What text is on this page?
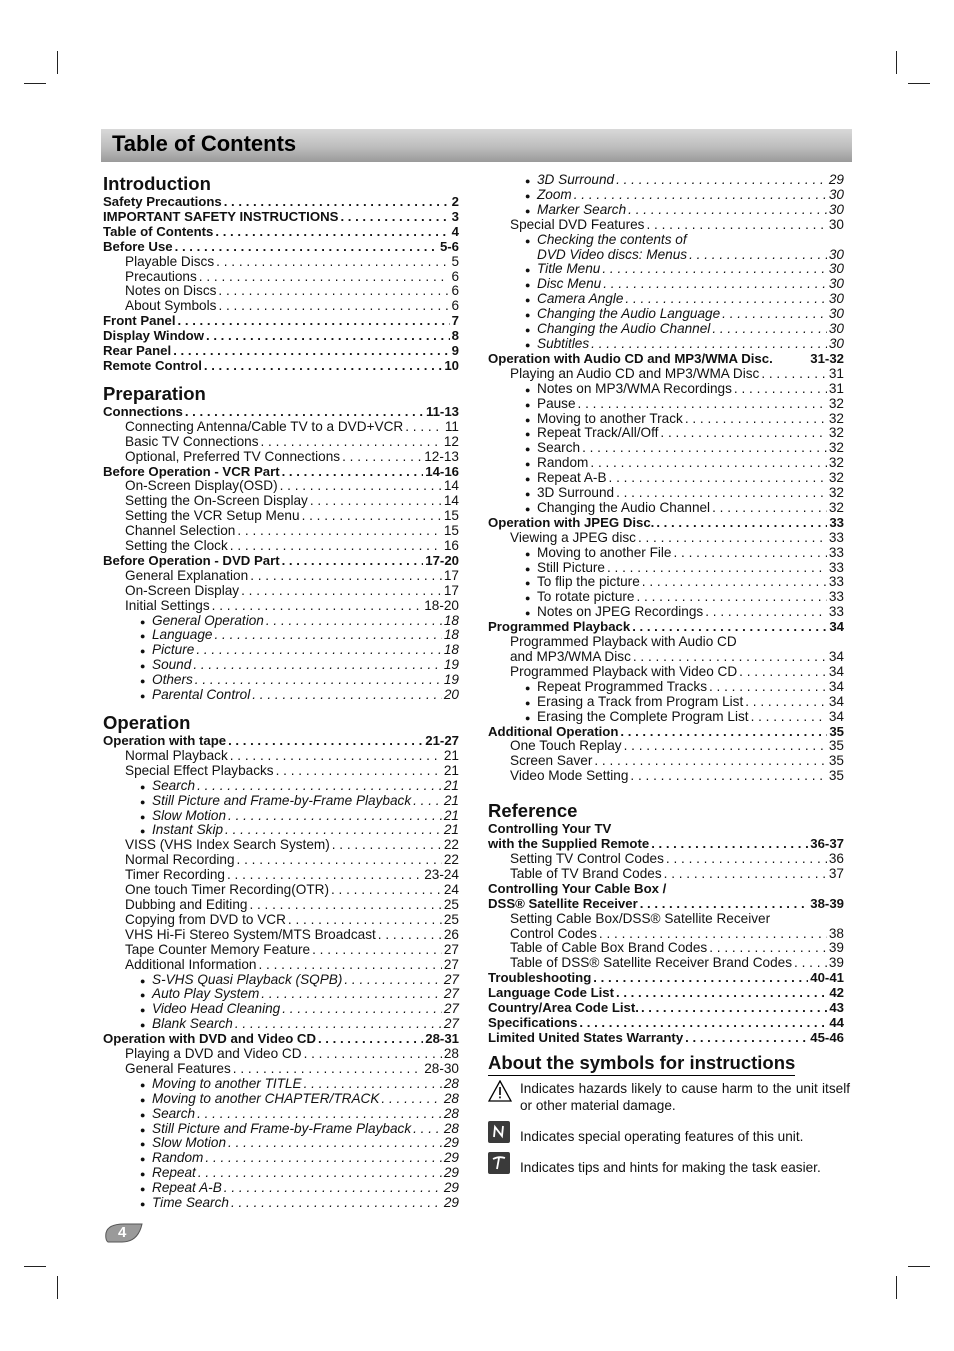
Table of Contents
Introduction
Safety Precautions . . .	2
IMPORTANT SAFETY INSTRUCTIONS . . .	3
Table of Contents . . .	4
Before Use . . .	5-6
Playable Discs . . .	5
Precautions . . .	6
Notes on Discs . . .	6
About Symbols . . .	6
Front Panel . . .	7
Display Window . . .	8
Rear Panel . . .	9
Remote Control . . .	10
Preparation
Connections . . .	11-13
Connecting Antenna/Cable TV to a DVD+VCR . . .	11
Basic TV Connections . . .	12
Optional, Preferred TV Connections . . .	12-13
Before Operation - VCR Part . . .	14-16
On-Screen Display(OSD) . . .	14
Setting the On-Screen Display . . .	14
Setting the VCR Setup Menu . . .	15
Channel Selection . . .	15
Setting the Clock . . .	16
Before Operation - DVD Part . . .	17-20
General Explanation . . .	17
On-Screen Display . . .	17
Initial Settings . . .	18-20
● General Operation . . .	18
● Language . . .	18
● Picture . . .	18
● Sound . . .	19
● Others . . .	19
● Parental Control . . .	20
Operation
Operation with tape . . .	21-27
Normal Playback . . .	21
Special Effect Playbacks . . .	21
● Search . . .	21
● Still Picture and Frame-by-Frame Playback . . . 21
● Slow Motion . . .	21
● Instant Skip . . .	21
VISS (VHS Index Search System) . . .	22
Normal Recording . . .	22
Timer Recording . . .	23-24
One touch Timer Recording(OTR) . . .	24
Dubbing and Editing . . .	25
Copying from DVD to VCR . . .	25
VHS Hi-Fi Stereo System/MTS Broadcast . . .	26
Tape Counter Memory Feature . . .	27
Additional Information . . .	27
● S-VHS Quasi Playback (SQPB) . . .	27
● Auto Play System . . .	27
● Video Head Cleaning . . .	27
● Blank Search . . .	27
Operation with DVD and Video CD . . .	28-31
Playing a DVD and Video CD . . .	28
General Features . . .	28-30
● Moving to another TITLE . . .	28
● Moving to another CHAPTER/TRACK . . .	28
● Search . . .	28
● Still Picture and Frame-by-Frame Playback . . . 28
● Slow Motion . . .	29
● Random . . .	29
● Repeat . . .	29
● Repeat A-B . . .	29
● Time Search . . .	29
● 3D Surround . . .	29
● Zoom . . .	30
● Marker Search . . .	30
Special DVD Features . . .	30
● Checking the contents of
DVD Video discs: Menus . . .	30
● Title Menu . . .	30
● Disc Menu . . .	30
● Camera Angle . . .	30
● Changing the Audio Language . . .	30
● Changing the Audio Channel . . .	30
● Subtitles . . .	30
Operation with Audio CD and MP3/WMA Disc.	31-32
Playing an Audio CD and MP3/WMA Disc . . .	31
● Notes on MP3/WMA Recordings . . .	31
● Pause . . .	32
● Moving to another Track . . .	32
● Repeat Track/All/Off . . .	32
● Search . . .	32
● Random . . .	32
● Repeat A-B . . .	32
● 3D Surround . . .	32
● Changing the Audio Channel . . .	32
Operation with JPEG Disc. . . .	33
Viewing a JPEG disc . . .	33
● Moving to another File . . .	33
● Still Picture . . .	33
● To flip the picture . . .	33
● To rotate picture . . .	33
● Notes on JPEG Recordings . . .	33
Programmed Playback . . .	34
Programmed Playback with Audio CD
and MP3/WMA Disc . . .	34
Programmed Playback with Video CD . . .	34
● Repeat Programmed Tracks . . .	34
● Erasing a Track from Program List . . .	34
● Erasing the Complete Program List . . .	34
Additional Operation . . .	35
One Touch Replay . . .	35
Screen Saver . . .	35
Video Mode Setting . . .	35
Reference
Controlling Your TV
with the Supplied Remote . . .	36-37
Setting TV Control Codes . . .	36
Table of TV Brand Codes . . .	37
Controlling Your Cable Box /
DSS® Satellite Receiver . . .	38-39
Setting Cable Box/DSS® Satellite Receiver
Control Codes . . .	38
Table of Cable Box Brand Codes . . .	39
Table of DSS® Satellite Receiver Brand Codes . . .	39
Troubleshooting . . .	40-41
Language Code List . . .	42
Country/Area Code List. . . .	43
Specifications . . .	44
Limited United States Warranty . . .	45-46
About the symbols for instructions
Indicates hazards likely to cause harm to the unit itself or other material damage.
Indicates special operating features of this unit.
Indicates tips and hints for making the task easier.
4
